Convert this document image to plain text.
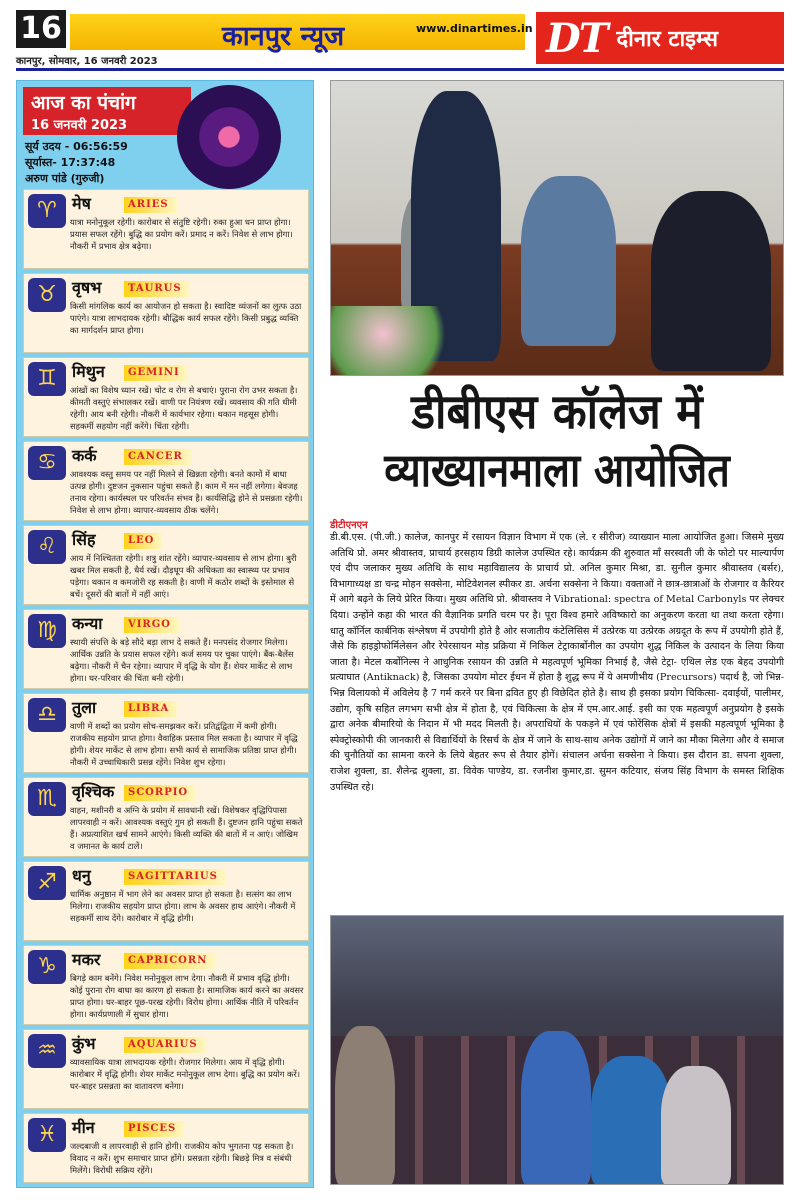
16	कानपुर न्यूज	www.dinartimes.in
कानपुर, सोमवार, 16 जनवरी 2023	DT दीनार टाइम्स
आज का पंचांग
16 जनवरी 2023
सूर्य उदय - 06:56:59
सूर्यास्त- 17:37:48
अरुण पांडे (गुरुजी)
♈ मेष	ARIES
यात्रा मनोनुकूल रहेगी। कारोबार से संतुष्टि रहेगी। रुका हुआ धन प्राप्त होगा। प्रयास सफल रहेंगे। बुद्धि का प्रयोग करें। प्रमाद न करें। निवेश से लाभ होगा। नौकरी में प्रभाव क्षेत्र बढ़ेगा।
♉ वृषभ	TAURUS
किसी मांगलिक कार्य का आयोजन हो सकता है। स्वादिष्ट व्यंजनों का लुत्फ उठा पाएंगे। यात्रा लाभदायक रहेगी। बौद्धिक कार्य सफल रहेंगे। किसी प्रबुद्ध व्यक्ति का मार्गदर्शन प्राप्त होगा।
♊ मिथुन	GEMINI
आंखों का विशेष ध्यान रखें। चोट व रोग से बचाएं। पुराना रोग उभर सकता है। कीमती वस्तुएं संभालकर रखें। वाणी पर नियंत्रण रखें। व्यवसाय की गति धीमी रहेगी। आय बनी रहेगी। नौकरी में कार्यभार रहेगा। थकान महसूस होगी। सहकर्मी सहयोग नहीं करेंगे। चिंता रहेगी।
♋ कर्क	CANCER
आवश्यक वस्तु समय पर नहीं मिलने से खिन्नता रहेगी। बनते कामों में बाधा उत्पन्न होगी। दुष्टजन नुकसान पहुंचा सकते हैं। काम में मन नहीं लगेगा। बेवजह तनाव रहेगा। कार्यस्थल पर परिवर्तन संभव है। कार्यसिद्धि होने से प्रसन्नता रहेगी। निवेश से लाभ होगा। व्यापार-व्यवसाय ठीक चलेंगे।
♌ सिंह	LEO
आय में निश्चितता रहेगी। शत्रु शांत रहेंगे। व्यापार-व्यवसाय से लाभ होगा। बुरी खबर मिल सकती है, धैर्य रखें। दौड़धूप की अधिकता का स्वास्थ्य पर प्रभाव पड़ेगा। थकान व कमजोरी रह सकती है। वाणी में कठोर शब्दों के इस्तेमाल से बचें। दूसरों की बातों में नहीं आएं।
♍ कन्या	VIRGO
स्थायी संपत्ति के बड़े सौदे बड़ा लाभ दे सकते हैं। मनपसंद रोजगार मिलेगा। आर्थिक उन्नति के प्रयास सफल रहेंगे। कर्ज समय पर चुका पाएंगे। बैंक-बैलेंस बढ़ेगा। नौकरी में चैन रहेगा। व्यापार में वृद्धि के योग हैं। शेयर मार्केट से लाभ होगा। घर-परिवार की चिंता बनी रहेगी।
♎ तुला	LIBRA
वाणी में शब्दों का प्रयोग सोच-समझकर करें। प्रतिद्वंद्विता में कमी होगी। राजकीय सहयोग प्राप्त होगा। वैवाहिक प्रस्ताव मिल सकता है। व्यापार में वृद्धि होगी। शेयर मार्केट से लाभ होगा। सभी कार्य से सामाजिक प्रतिष्ठा प्राप्त होगी। नौकरी में उच्चाधिकारी प्रसन्न रहेंगे। निवेश शुभ रहेगा।
♏ वृश्चिक	SCORPIO
वाहन, मशीनरी व अग्नि के प्रयोग में सावधानी रखें। विशेषकर वृद्धिपिपासा लापरवाही न करें। आवश्यक वस्तुएं गुम हो सकती हैं। दुष्टजन हानि पहुंचा सकते हैं। अप्रत्याशित खर्च सामने आएंगे। किसी व्यक्ति की बातों में न आएं। जोखिम व जमानत के कार्य टालें।
♐ धनु	SAGITTARIUS
धार्मिक अनुष्ठान में भाग लेने का अवसर प्राप्त हो सकता है। सत्संग का लाभ मिलेगा। राजकीय सहयोग प्राप्त होगा। लाभ के अवसर हाथ आएंगे। नौकरी में सहकर्मी साथ देंगे। कारोबार में वृद्धि होगी।
♑ मकर	CAPRICORN
बिगड़े काम बनेंगे। निवेश मनोनुकूल लाभ देगा। नौकरी में प्रभाव वृद्धि होगी। कोई पुराना रोग बाधा का कारण हो सकता है। सामाजिक कार्य करने का अवसर प्राप्त होगा। घर-बाहर पूछ-परख रहेगी। विरोध होगा। आर्थिक नीति में परिवर्तन होगा। कार्यप्रणाली में सुधार होगा।
♒ कुंभ	AQUARIUS
व्यावसायिक यात्रा लाभदायक रहेगी। रोजगार मिलेगा। आय में वृद्धि होगी। कारोबार में वृद्धि होगी। शेयर मार्केट मनोनुकूल लाभ देगा। बुद्धि का प्रयोग करें। घर-बाहर प्रसन्नता का वातावरण बनेगा।
♓ मीन	PISCES
जल्दबाजी व लापरवाही से हानि होगी। राजकीय कोप भुगतना पड़ सकता है। विवाद न करें। शुभ समाचार प्राप्त होंगे। प्रसन्नता रहेगी। बिछड़े मित्र व संबंधी मिलेंगे। विरोधी सक्रिय रहेंगे।
डीबीएस कॉलेज में
व्याख्यानमाला आयोजित
डीटीएनएन
डी.बी.एस. (पी.जी.) कालेज, कानपुर में रसायन विज्ञान विभाग में एक (ले. र सीरीज) व्याख्यान माला आयोजित हुआ। जिसमे मुख्य अतिथि प्रो. अमर श्रीवास्तव, प्राचार्य हरसहाय डिग्री कालेज उपस्थित रहे। कार्यक्रम की शुरुवात माँ सरस्वती जी के फोटो पर माल्यार्पण एवं दीप जलाकर मुख्य अतिथि के साथ महाविद्यालय के प्राचार्य प्रो. अनिल कुमार मिश्रा, डा. सुनील कुमार श्रीवास्तव (बर्सर), विभागाध्यक्ष डा चन्द्र मोहन सक्सेना, मोटिवेशनल स्पीकर डा. अर्चना सक्सेना ने किया। वक्ताओं ने छात्र-छात्राओं के रोजगार व कैरियर में आगे बढ़ने के लिये प्रेरित किया। मुख्य अतिथि प्रो. श्रीवास्तव ने Vibrational: spectra of Metal Carbonyls पर लेक्चर दिया। उन्होंने कहा की भारत की वैज्ञानिक प्रगति चरम पर है। पूरा विश्व हमारे अविष्कारो का अनुकरण करता था तथा करता रहेगा। धातु कॉर्निल कार्बनिक संश्लेषण में उपयोगी होते है ओर सजातीय कंटेलिसिस में उत्प्रेरक या उत्प्रेरक अग्रदूत के रूप में उपयोगी होते हैं, जैसे कि हाइड्रोफोर्मिलेसन और रेपेरसायन मोड़ प्रक्रिया में निकिल टेट्राकार्बोनील का उपयोग शुद्ध निकिल के उत्पादन के लिया किया जाता है। मेटल कर्बोनिल्स ने आधुनिक रसायन की उन्नति मे महत्वपूर्ण भूमिका निभाई है, जैसे टेट्रा- एथिल लेड एक बेहद उपयोगी प्रत्याघात (Antiknack) है, जिसका उपयोग मोटर ईधन में होता है शुद्ध रूप में ये अमणीभीय (Precursors) पदार्थ है, जो भिन्न-भिन्न विलायको में अविलेय है 7 गर्म करने पर बिना द्रवित हुए ही विछेदित होते है। साथ ही इसका प्रयोग चिकित्सा- दवाईयों, पालीमर, उद्योग, कृषि सहित लगभग सभी क्षेत्र में होता है, एवं चिकित्सा के क्षेत्र में एम.आर.आई. इसी का एक महत्वपूर्ण अनुप्रयोग है इसके द्वारा अनेक बीमारियो के निदान में भी मदद मिलती है। अपराधियों के पकड़ने में एवं फोरेंसिक क्षेत्रों में इसकी महत्वपूर्ण भूमिका है स्पेक्ट्रोस्कोपी की जानकारी से विद्यार्थियों के रिसर्च के क्षेत्र में जाने के साथ-साथ अनेक उद्योगों में जाने का मौका मिलेगा और वे समाज की चुनौतियों का सामना करने के लिये बेहतर रूप से तैयार होगें। संचालन अर्चना सक्सेना ने किया। इस दौरान डा. सपना शुक्ला, राजेश शुक्ला, डा. शैलेन्द्र शुक्ला, डा. विवेक पाण्डेय, डा. रजनीश कुमार,डा. सुमन कटियार, संजय सिंह विभाग के समस्त शिक्षिक उपस्थित रहे।
